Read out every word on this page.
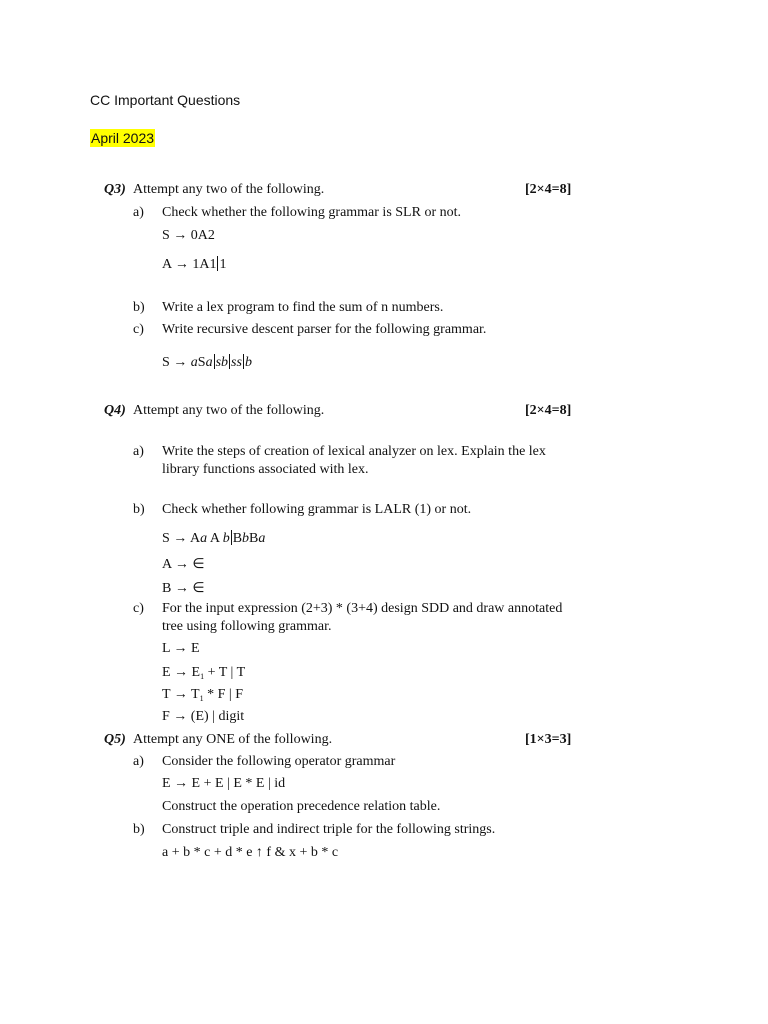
CC Important Questions
April 2023
Q3) Attempt any two of the following.	[2×4=8]
a) Check whether the following grammar is SLR or not.
S → 0A2
A → 1A1 1
b) Write a lex program to find the sum of n numbers.
c) Write recursive descent parser for the following grammar.
S → aSa sb ss b
Q4) Attempt any two of the following.	[2×4=8]
a) Write the steps of creation of lexical analyzer on lex. Explain the lex
library functions associated with lex.
b) Check whether following grammar is LALR (1) or not.
S → Aa A b BbBa
A → ∈
B → ∈
c) For the input expression (2+3) * (3+4) design SDD and draw annotated
tree using following grammar.
L → E
$E \to E_1 + T$ | T
$T \to T_1 * F$ | F
F → (E) | digit
Q5) Attempt any ONE of the following.	[1×3=3]
a) Consider the following operator grammar
E → E + E | E * E | id
Construct the operation precedence relation table.
b) Construct triple and indirect triple for the following strings.
a + b * c + d * e ↑ f & x + b * c
